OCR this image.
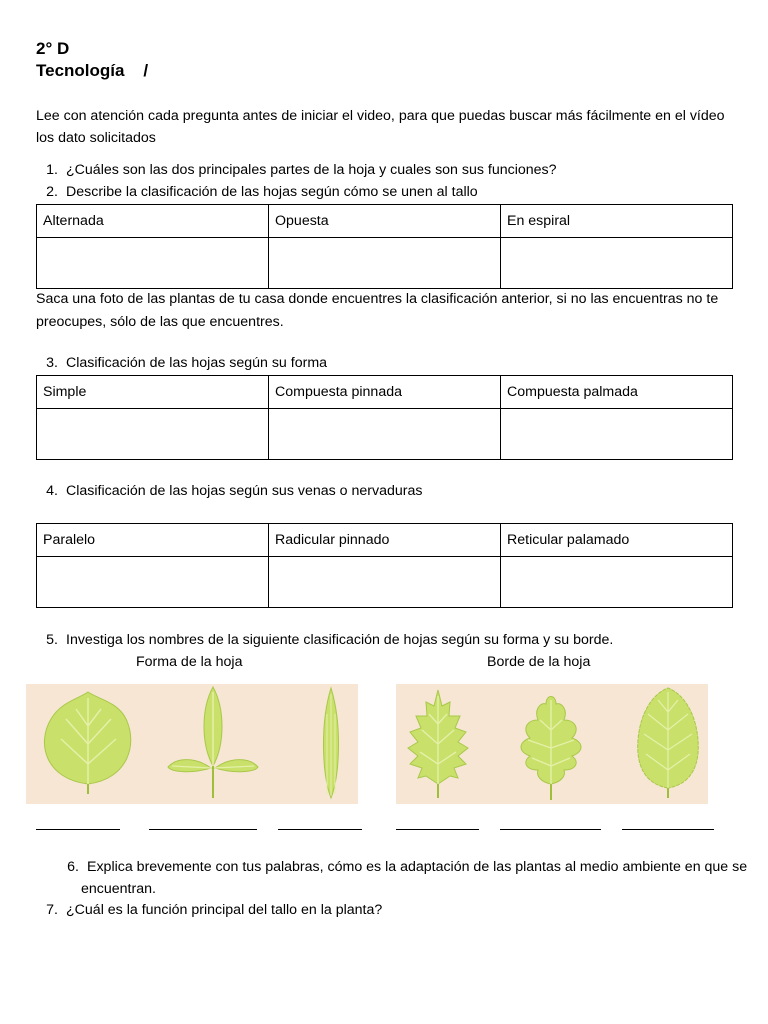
2° D
Tecnología    /
Lee con atención cada pregunta antes de iniciar el video, para que puedas buscar más fácilmente en el vídeo los dato solicitados
1. ¿Cuáles son las dos principales partes de la hoja y cuales son sus funciones?
2. Describe la clasificación de las hojas según cómo se unen al tallo
Alternada	Opuesta	En espiral

Saca una foto de las plantas de tu casa donde encuentres la clasificación anterior, si no las encuentras no te preocupes, sólo de las que encuentres.
3. Clasificación de las hojas según su forma
Simple	Compuesta pinnada	Compuesta palmada

4. Clasificación de las hojas según sus venas o nervaduras
Paralelo	Radicular pinnado	Reticular palamado

5. Investiga los nombres de la siguiente clasificación de hojas según su forma y su borde.
Forma de la hoja	Borde de la hoja
6. Explica brevemente con tus palabras, cómo es la adaptación de las plantas al medio ambiente en que se encuentran.
7. ¿Cuál es la función principal del tallo en la planta?
